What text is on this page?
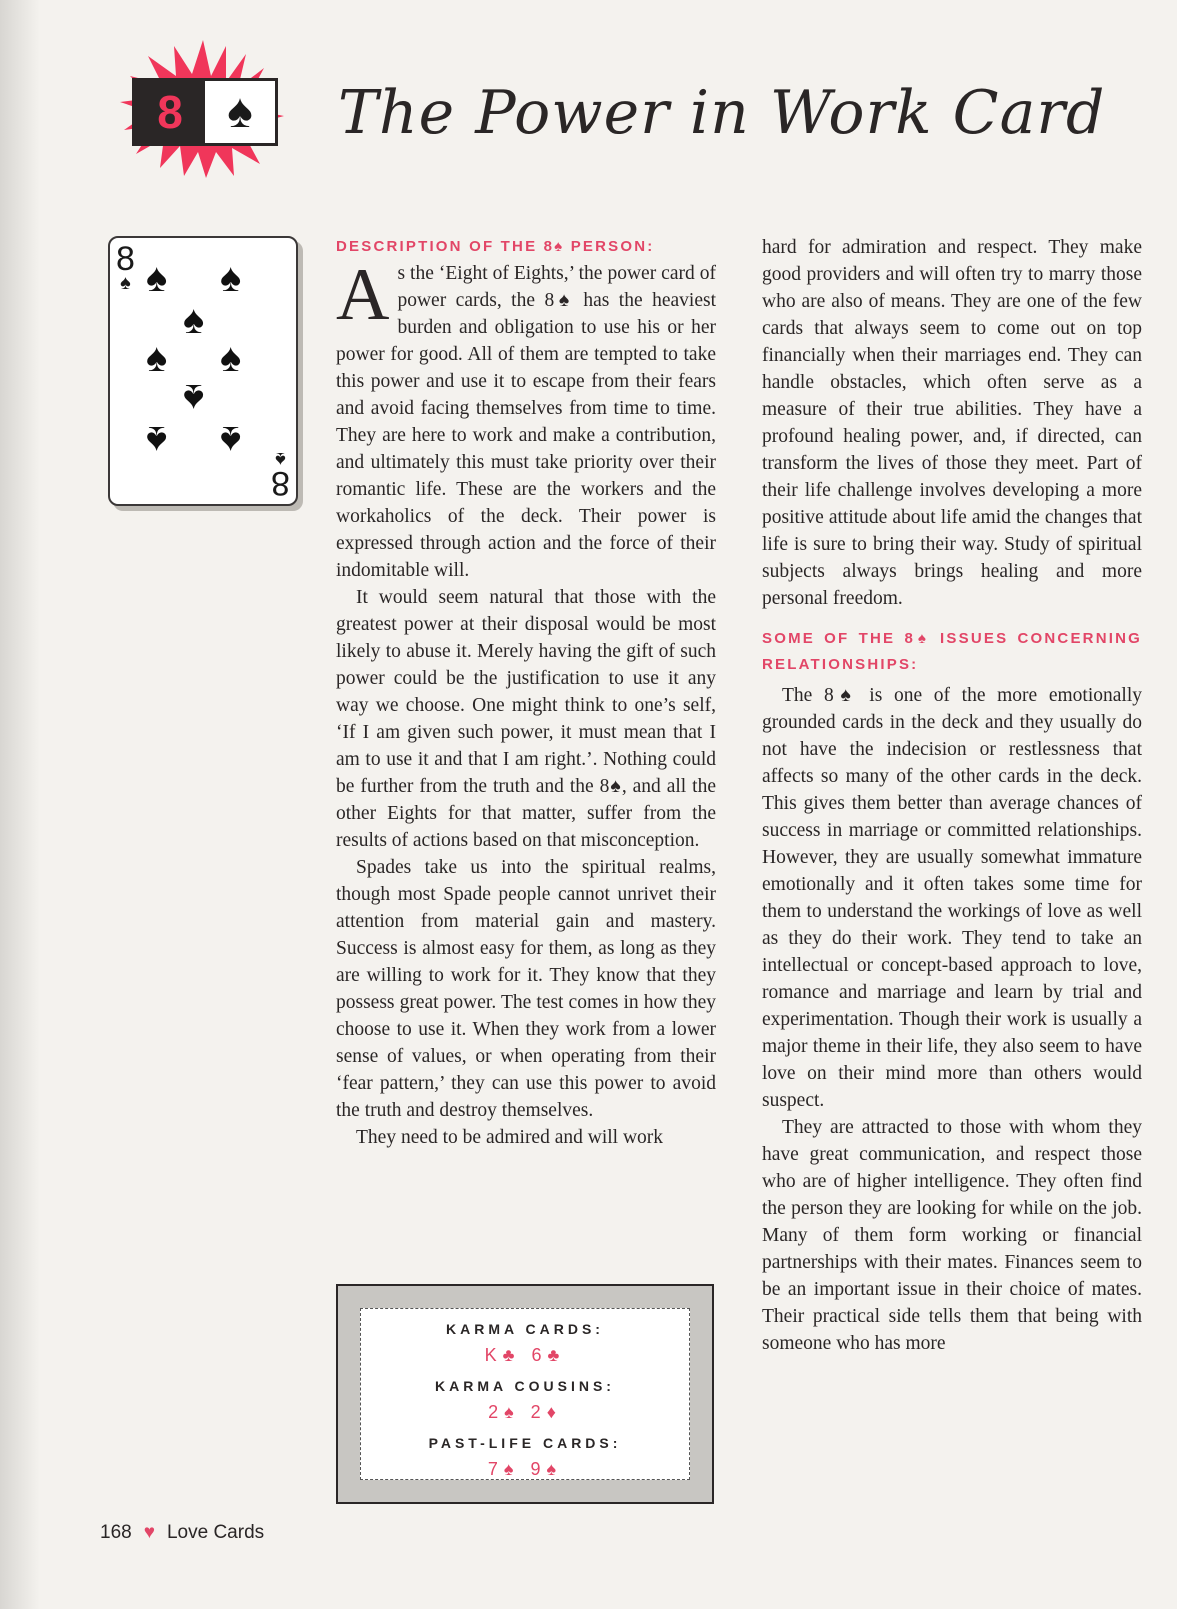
8 ♠	The Power in Work Card
8
♠
8
♠
♠ ♠
♠
♠ ♠
♠
♠ ♠

DESCRIPTION OF THE 8♠ PERSON:

As the ‘Eight of Eights,’ the power card of power cards, the 8♠ has the heaviest burden and obligation to use his or her power for good. All of them are tempted to take this power and use it to escape from their fears and avoid facing themselves from time to time. They are here to work and make a contribution, and ultimately this must take priority over their romantic life. These are the workers and the workaholics of the deck. Their power is expressed through action and the force of their indomitable will.

It would seem natural that those with the greatest power at their disposal would be most likely to abuse it. Merely having the gift of such power could be the justification to use it any way we choose. One might think to one’s self, ‘If I am given such power, it must mean that I am to use it and that I am right.’. Nothing could be further from the truth and the 8♠, and all the other Eights for that matter, suffer from the results of actions based on that misconception.

Spades take us into the spiritual realms, though most Spade people cannot unrivet their attention from material gain and mastery. Success is almost easy for them, as long as they are willing to work for it. They know that they possess great power. The test comes in how they choose to use it. When they work from a lower sense of values, or when operating from their ‘fear pattern,’ they can use this power to avoid the truth and destroy themselves.

They need to be admired and will work

hard for admiration and respect. They make good providers and will often try to marry those who are also of means. They are one of the few cards that always seem to come out on top financially when their marriages end. They can handle obstacles, which often serve as a measure of their true abilities. They have a profound healing power, and, if directed, can transform the lives of those they meet. Part of their life challenge involves developing a more positive attitude about life amid the changes that life is sure to bring their way. Study of spiritual subjects always brings healing and more personal freedom.

SOME OF THE 8♠ ISSUES CONCERNING RELATIONSHIPS:

The 8♠ is one of the more emotionally grounded cards in the deck and they usually do not have the indecision or restlessness that affects so many of the other cards in the deck. This gives them better than average chances of success in marriage or committed relationships. However, they are usually somewhat immature emotionally and it often takes some time for them to understand the workings of love as well as they do their work. They tend to take an intellectual or concept-based approach to love, romance and marriage and learn by trial and experimentation. Though their work is usually a major theme in their life, they also seem to have love on their mind more than others would suspect.

They are attracted to those with whom they have great communication, and respect those who are of higher intelligence. They often find the person they are looking for while on the job. Many of them form working or financial partnerships with their mates. Finances seem to be an important issue in their choice of mates. Their practical side tells them that being with someone who has more

KARMA CARDS:
K♣ 6♣
KARMA COUSINS:
2♠ 2♦
PAST-LIFE CARDS:
7♠ 9♠
168 ♥ Love Cards
